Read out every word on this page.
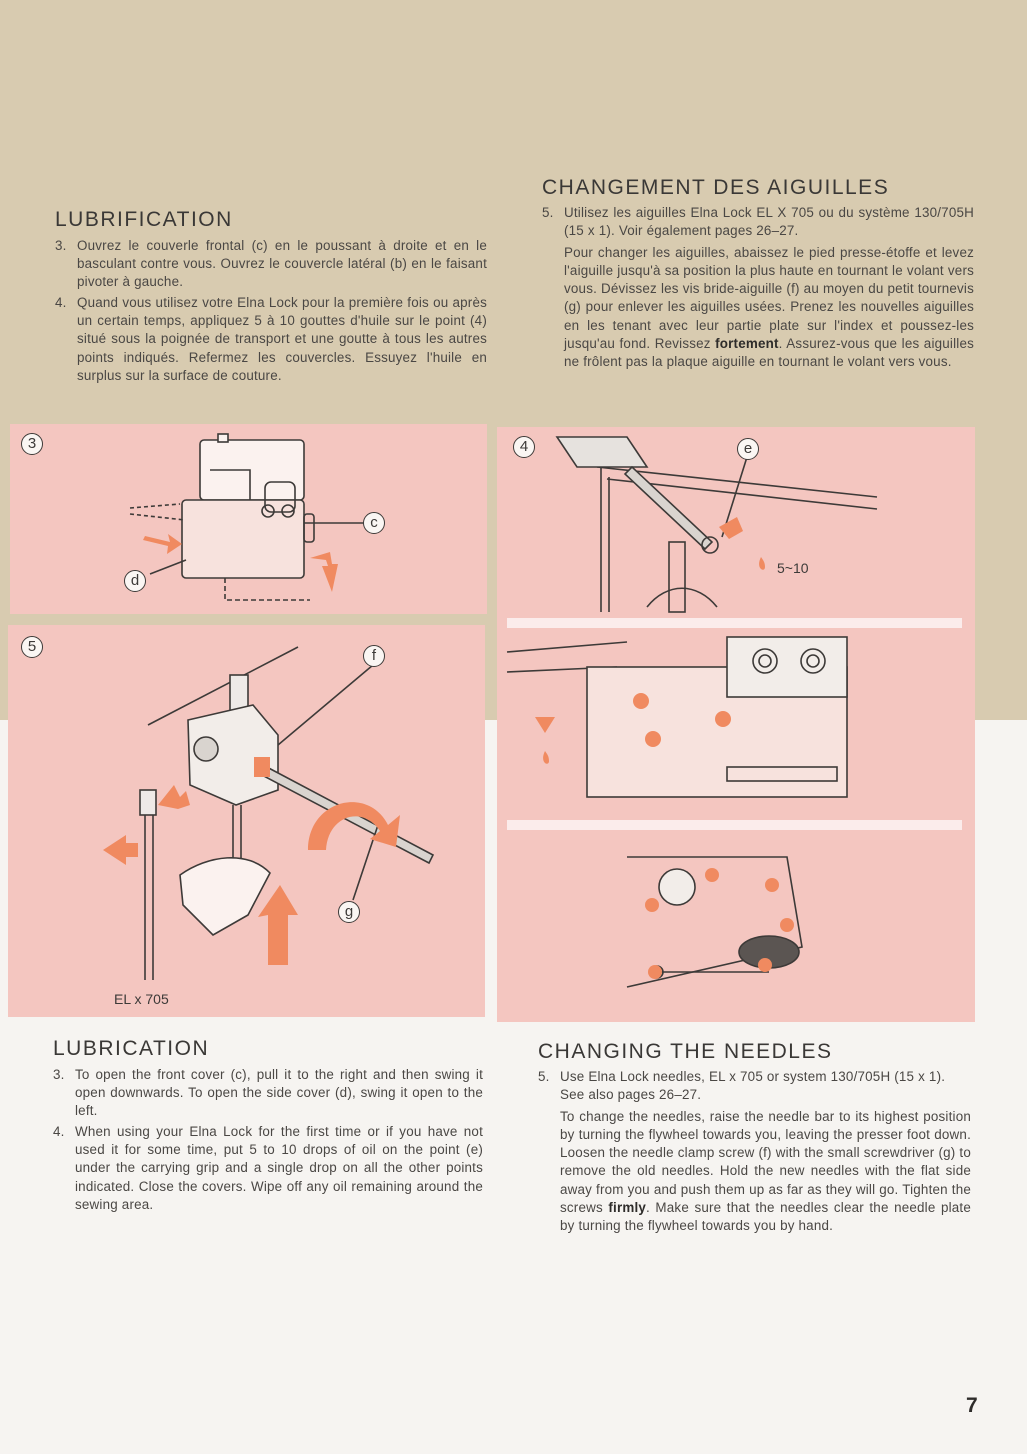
LUBRIFICATION
3. Ouvrez le couverle frontal (c) en le poussant à droite et en le basculant contre vous. Ouvrez le couvercle latéral (b) en le faisant pivoter à gauche.
4. Quand vous utilisez votre Elna Lock pour la première fois ou après un certain temps, appliquez 5 à 10 gouttes d'huile sur le point (4) situé sous la poignée de transport et une goutte à tous les autres points indiqués. Refermez les couvercles. Essuyez l'huile en surplus sur la surface de couture.
CHANGEMENT DES AIGUILLES
5. Utilisez les aiguilles Elna Lock EL X 705 ou du système 130/705H (15 x 1). Voir également pages 26–27.

Pour changer les aiguilles, abaissez le pied presse-étoffe et levez l'aiguille jusqu'à sa position la plus haute en tournant le volant vers vous. Dévissez les vis bride-aiguille (f) au moyen du petit tournevis (g) pour enlever les aiguilles usées. Prenez les nouvelles aiguilles en les tenant avec leur partie plate sur l'index et poussez-les jusqu'au fond. Revissez fortement. Assurez-vous que les aiguilles ne frôlent pas la plaque aiguille en tournant le volant vers vous.

3
c
d
5
f
g
EL x 705
4	e
5~10
LUBRICATION
3. To open the front cover (c), pull it to the right and then swing it open downwards. To open the side cover (d), swing it open to the left.
4. When using your Elna Lock for the first time or if you have not used it for some time, put 5 to 10 drops of oil on the point (e) under the carrying grip and a single drop on all the other points indicated. Close the covers. Wipe off any oil remaining around the sewing area.
CHANGING THE NEEDLES
5. Use Elna Lock needles, EL x 705 or system 130/705H (15 x 1).

See also pages 26–27.

To change the needles, raise the needle bar to its highest position by turning the flywheel towards you, leaving the presser foot down. Loosen the needle clamp screw (f) with the small screwdriver (g) to remove the old needles. Hold the new needles with the flat side away from you and push them up as far as they will go. Tighten the screws firmly. Make sure that the needles clear the needle plate by turning the flywheel towards you by hand.

7
